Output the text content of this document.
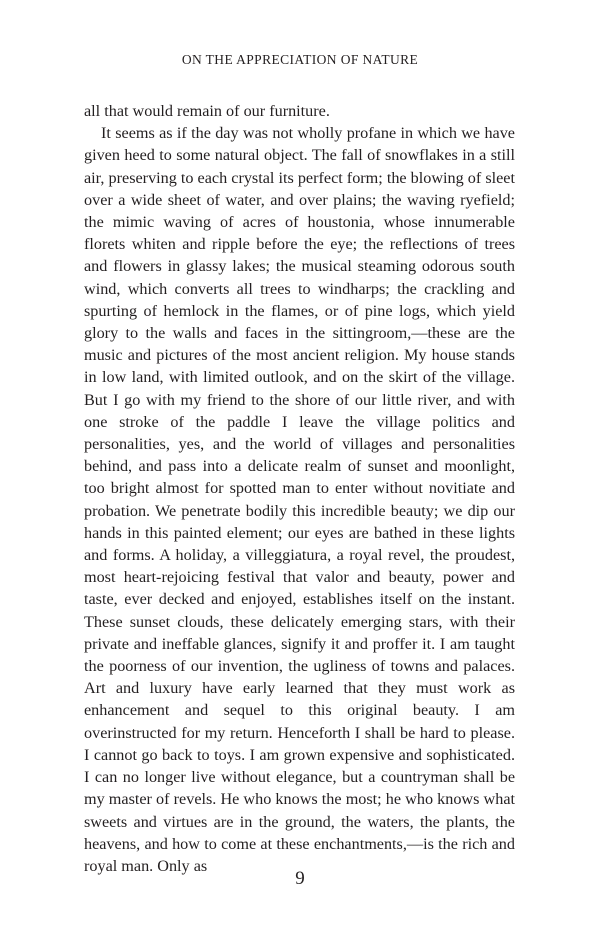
ON THE APPRECIATION OF NATURE

all that would remain of our furniture.

It seems as if the day was not wholly profane in which we have given heed to some natural object. The fall of snowflakes in a still air, preserving to each crystal its perfect form; the blowing of sleet over a wide sheet of water, and over plains; the waving ryefield; the mimic waving of acres of houstonia, whose innumerable florets whiten and ripple before the eye; the reflections of trees and flowers in glassy lakes; the musical steaming odorous south wind, which converts all trees to windharps; the crackling and spurting of hemlock in the flames, or of pine logs, which yield glory to the walls and faces in the sittingroom,—these are the music and pictures of the most ancient religion. My house stands in low land, with limited outlook, and on the skirt of the village. But I go with my friend to the shore of our little river, and with one stroke of the paddle I leave the village politics and personalities, yes, and the world of villages and personalities behind, and pass into a delicate realm of sunset and moonlight, too bright almost for spotted man to enter without novitiate and probation. We penetrate bodily this incredible beauty; we dip our hands in this painted element; our eyes are bathed in these lights and forms. A holiday, a villeggiatura, a royal revel, the proudest, most heart-rejoicing festival that valor and beauty, power and taste, ever decked and enjoyed, establishes itself on the instant. These sunset clouds, these delicately emerging stars, with their private and ineffable glances, signify it and proffer it. I am taught the poorness of our invention, the ugliness of towns and palaces. Art and luxury have early learned that they must work as enhancement and sequel to this original beauty. I am overinstructed for my return. Henceforth I shall be hard to please. I cannot go back to toys. I am grown expensive and sophisticated. I can no longer live without elegance, but a countryman shall be my master of revels. He who knows the most; he who knows what sweets and virtues are in the ground, the waters, the plants, the heavens, and how to come at these enchantments,—is the rich and royal man. Only as

9
